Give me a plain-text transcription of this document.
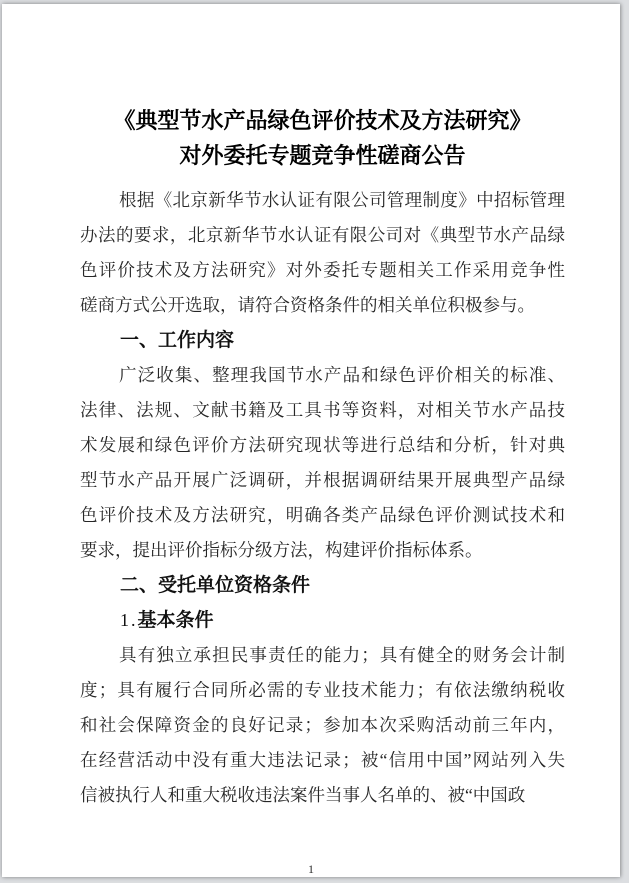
《典型节水产品绿色评价技术及方法研究》
对外委托专题竞争性磋商公告
根据《北京新华节水认证有限公司管理制度》中招标管理
办法的要求，北京新华节水认证有限公司对《典型节水产品绿
色评价技术及方法研究》对外委托专题相关工作采用竞争性
磋商方式公开选取，请符合资格条件的相关单位积极参与。
一、工作内容
广泛收集、整理我国节水产品和绿色评价相关的标准、
法律、法规、文献书籍及工具书等资料，对相关节水产品技
术发展和绿色评价方法研究现状等进行总结和分析，针对典
型节水产品开展广泛调研，并根据调研结果开展典型产品绿
色评价技术及方法研究，明确各类产品绿色评价测试技术和
要求，提出评价指标分级方法，构建评价指标体系。
二、受托单位资格条件
1.基本条件
具有独立承担民事责任的能力；具有健全的财务会计制
度；具有履行合同所必需的专业技术能力；有依法缴纳税收
和社会保障资金的良好记录；参加本次采购活动前三年内，
在经营活动中没有重大违法记录；被“信用中国”网站列入失
信被执行人和重大税收违法案件当事人名单的、被“中国政
1
